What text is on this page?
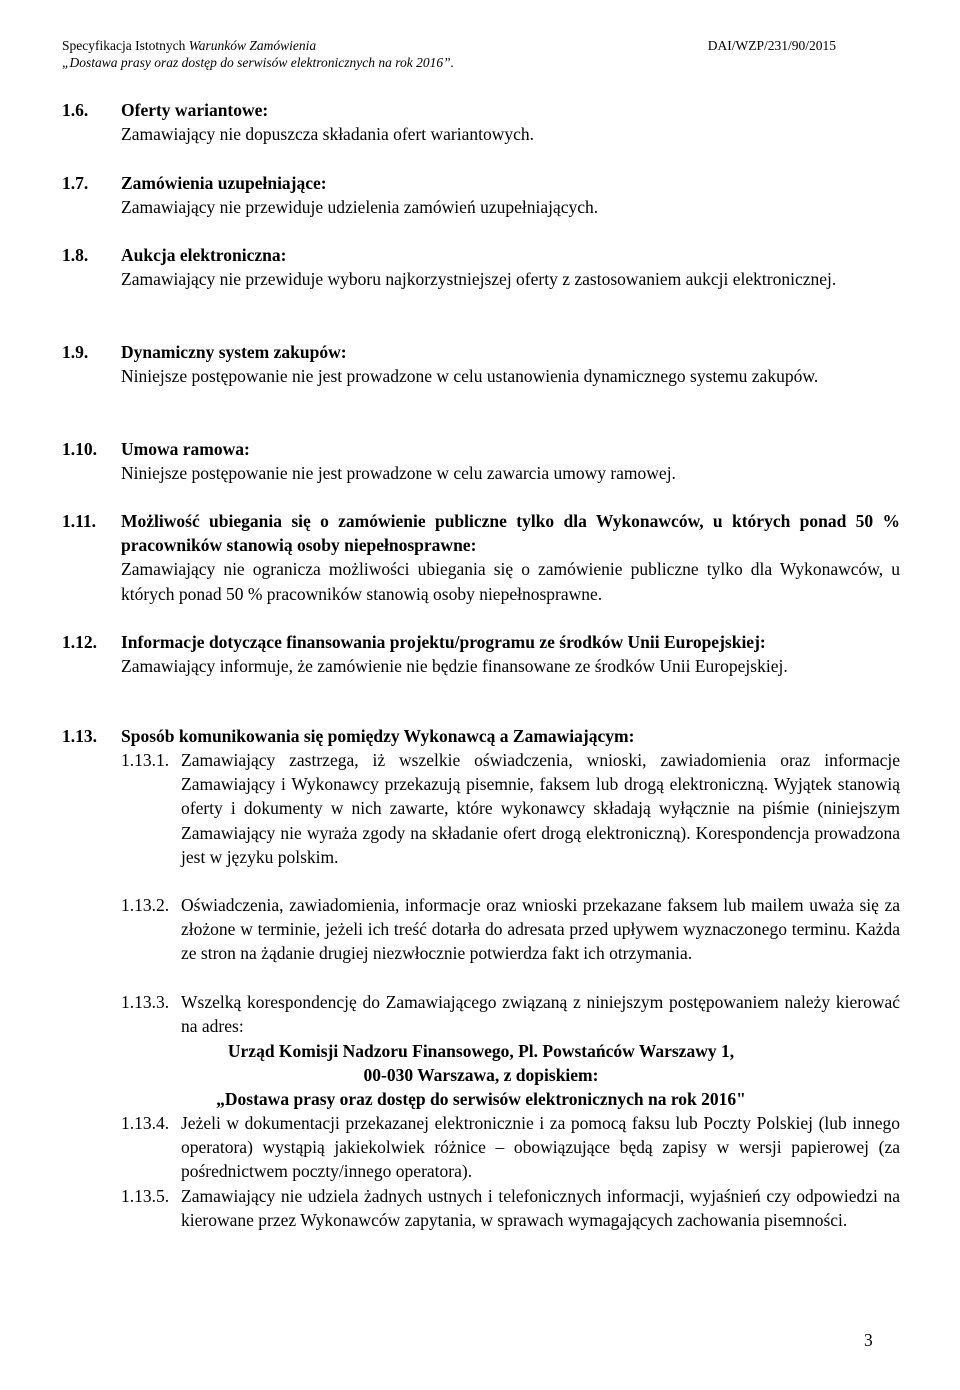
Specyfikacja Istotnych Warunków Zamówienia	DAI/WZP/231/90/2015
„Dostawa prasy oraz dostęp do serwisów elektronicznych na rok 2016”.
1.6. Oferty wariantowe:

Zamawiający nie dopuszcza składania ofert wariantowych.

1.7. Zamówienia uzupełniające:

Zamawiający nie przewiduje udzielenia zamówień uzupełniających.

1.8. Aukcja elektroniczna:

Zamawiający nie przewiduje wyboru najkorzystniejszej oferty z zastosowaniem aukcji elektronicznej.

1.9. Dynamiczny system zakupów:

Niniejsze postępowanie nie jest prowadzone w celu ustanowienia dynamicznego systemu zakupów.

1.10. Umowa ramowa:

Niniejsze postępowanie nie jest prowadzone w celu zawarcia umowy ramowej.

1.11. Możliwość ubiegania się o zamówienie publiczne tylko dla Wykonawców, u których ponad 50 % pracowników stanowią osoby niepełnosprawne:

Zamawiający nie ogranicza możliwości ubiegania się o zamówienie publiczne tylko dla Wykonawców, u których ponad 50 % pracowników stanowią osoby niepełnosprawne.

1.12. Informacje dotyczące finansowania projektu/programu ze środków Unii Europejskiej:

Zamawiający informuje, że zamówienie nie będzie finansowane ze środków Unii Europejskiej.

1.13. Sposób komunikowania się pomiędzy Wykonawcą a Zamawiającym:

1.13.1. Zamawiający zastrzega, iż wszelkie oświadczenia, wnioski, zawiadomienia oraz informacje Zamawiający i Wykonawcy przekazują pisemnie, faksem lub drogą elektroniczną. Wyjątek stanowią oferty i dokumenty w nich zawarte, które wykonawcy składają wyłącznie na piśmie (niniejszym Zamawiający nie wyraża zgody na składanie ofert drogą elektroniczną). Korespondencja prowadzona jest w języku polskim.

1.13.2. Oświadczenia, zawiadomienia, informacje oraz wnioski przekazane faksem lub mailem uważa się za złożone w terminie, jeżeli ich treść dotarła do adresata przed upływem wyznaczonego terminu. Każda ze stron na żądanie drugiej niezwłocznie potwierdza fakt ich otrzymania.

1.13.3. Wszelką korespondencję do Zamawiającego związaną z niniejszym postępowaniem należy kierować na adres:

Urząd Komisji Nadzoru Finansowego, Pl. Powstańców Warszawy 1,

00-030 Warszawa, z dopiskiem:

„Dostawa prasy oraz dostęp do serwisów elektronicznych na rok 2016"

1.13.4. Jeżeli w dokumentacji przekazanej elektronicznie i za pomocą faksu lub Poczty Polskiej (lub innego operatora) wystąpią jakiekolwiek różnice – obowiązujące będą zapisy w wersji papierowej (za pośrednictwem poczty/innego operatora).

1.13.5. Zamawiający nie udziela żadnych ustnych i telefonicznych informacji, wyjaśnień czy odpowiedzi na kierowane przez Wykonawców zapytania, w sprawach wymagających zachowania pisemności.

3
